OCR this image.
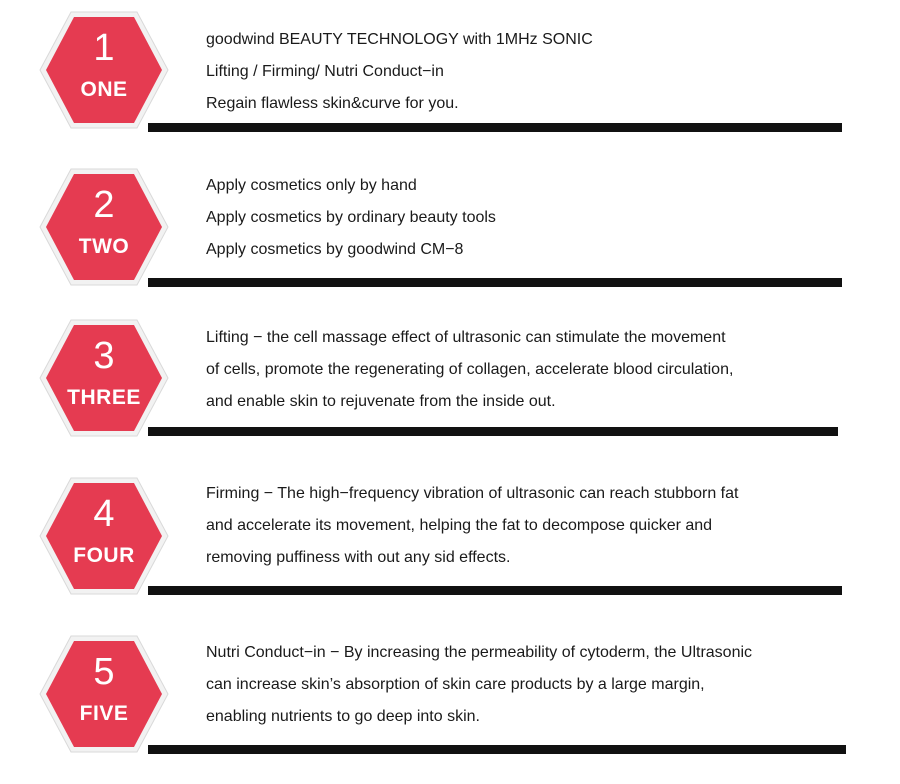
1
ONE
goodwind BEAUTY TECHNOLOGY with 1MHz SONIC
Lifting / Firming/ Nutri Conduct−in
Regain flawless skin&curve for you.
2
TWO
Apply cosmetics only by hand
Apply cosmetics by ordinary beauty tools
Apply cosmetics by goodwind CM−8
3
THREE
Lifting − the cell massage effect of ultrasonic can stimulate the movement
of cells, promote the regenerating of collagen, accelerate blood circulation,
and enable skin to rejuvenate from the inside out.
4
FOUR
Firming − The high−frequency vibration of ultrasonic can reach stubborn fat
and accelerate its movement, helping the fat to decompose quicker and
removing puffiness with out any sid effects.
5
FIVE
Nutri Conduct−in − By increasing the permeability of cytoderm, the Ultrasonic
can increase skin’s absorption of skin care products by a large margin,
enabling nutrients to go deep into skin.
